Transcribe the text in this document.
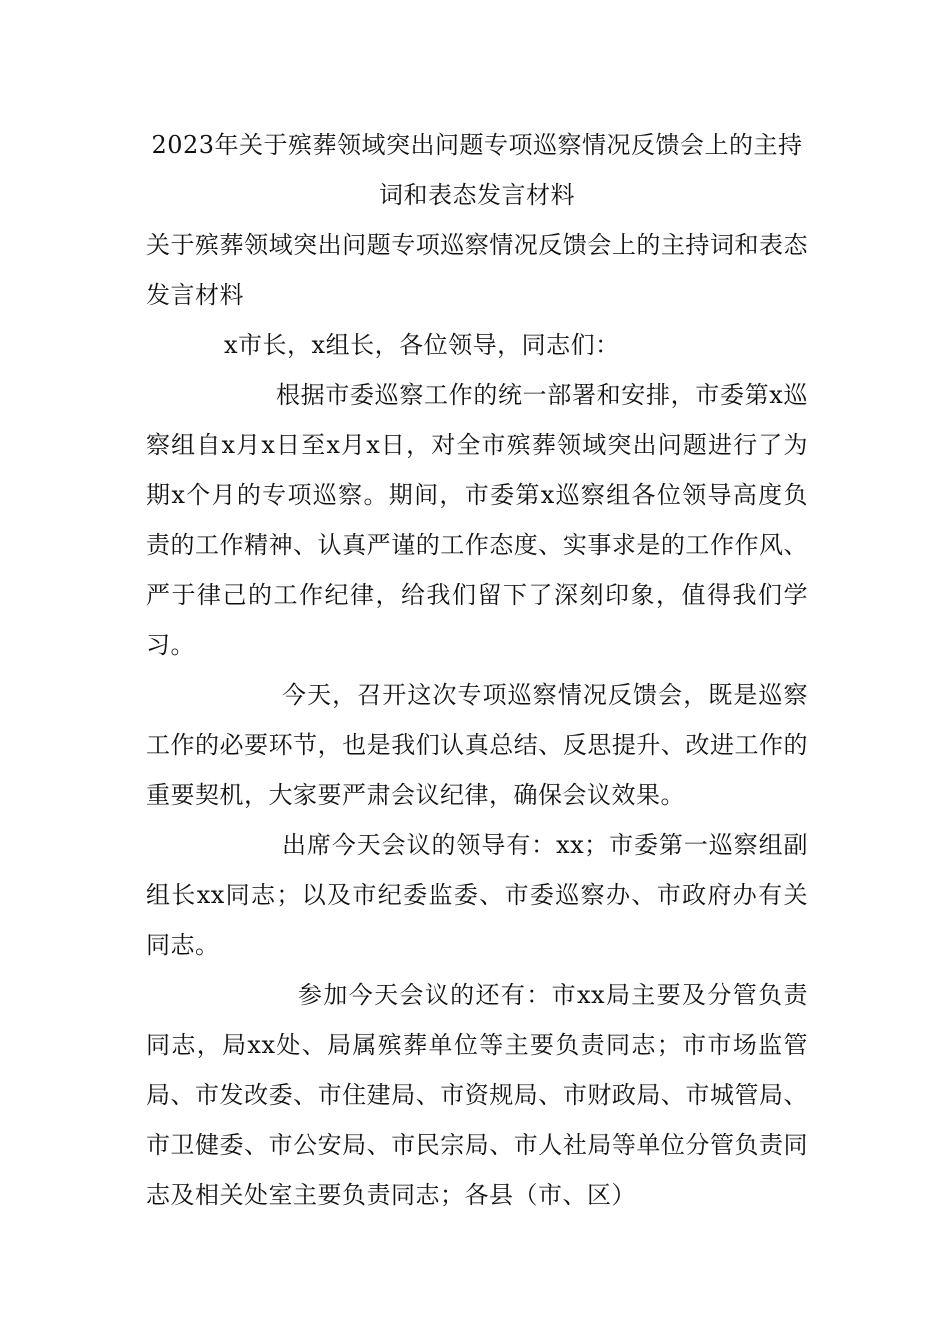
2023年关于殡葬领域突出问题专项巡察情况反馈会上的主持词和表态发言材料

关于殡葬领域突出问题专项巡察情况反馈会上的主持词和表态发言材料

x市长，x组长，各位领导，同志们：

根据市委巡察工作的统一部署和安排，市委第x巡察组自x月x日至x月x日，对全市殡葬领域突出问题进行了为期x个月的专项巡察。期间，市委第x巡察组各位领导高度负责的工作精神、认真严谨的工作态度、实事求是的工作作风、严于律己的工作纪律，给我们留下了深刻印象，值得我们学习。

今天，召开这次专项巡察情况反馈会，既是巡察工作的必要环节，也是我们认真总结、反思提升、改进工作的重要契机，大家要严肃会议纪律，确保会议效果。

出席今天会议的领导有：xx；市委第一巡察组副组长xx同志；以及市纪委监委、市委巡察办、市政府办有关同志。

参加今天会议的还有：市xx局主要及分管负责同志，局xx处、局属殡葬单位等主要负责同志；市市场监管局、市发改委、市住建局、市资规局、市财政局、市城管局、市卫健委、市公安局、市民宗局、市人社局等单位分管负责同志及相关处室主要负责同志；各县（市、区）
